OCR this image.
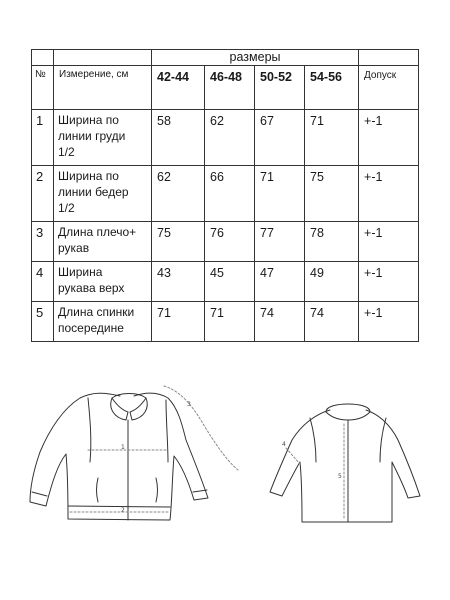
		размеры				
№	Измерение, см	42-44	46-48	50-52	54-56	Допуск
1	Ширина по
линии груди
1/2	58	62	67	71	+-1
2	Ширина по
линии бедер
1/2	62	66	71	75	+-1
3	Длина плечо+
рукав	75	76	77	78	+-1
4	Ширина
рукава верх	43	45	47	49	+-1
5	Длина спинки
посередине	71	71	74	74	+-1
1
2
3
4
5
